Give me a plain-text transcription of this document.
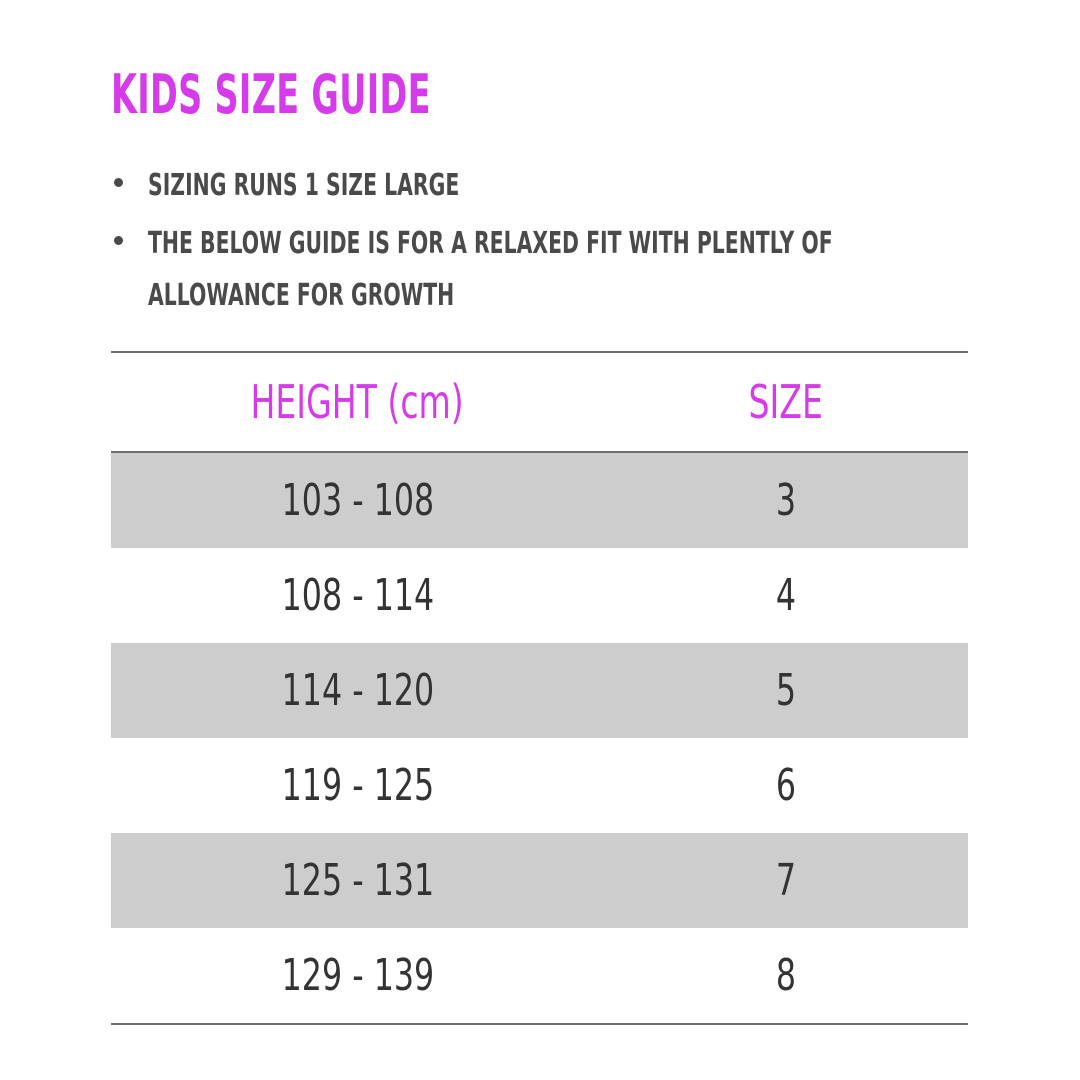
KIDS SIZE GUIDE
SIZING RUNS 1 SIZE LARGE
THE BELOW GUIDE IS FOR A RELAXED FIT WITH PLENTLY OF ALLOWANCE FOR GROWTH
HEIGHT (cm)	SIZE
103 - 108	3
108 - 114	4
114 - 120	5
119 - 125	6
125 - 131	7
129 - 139	8
